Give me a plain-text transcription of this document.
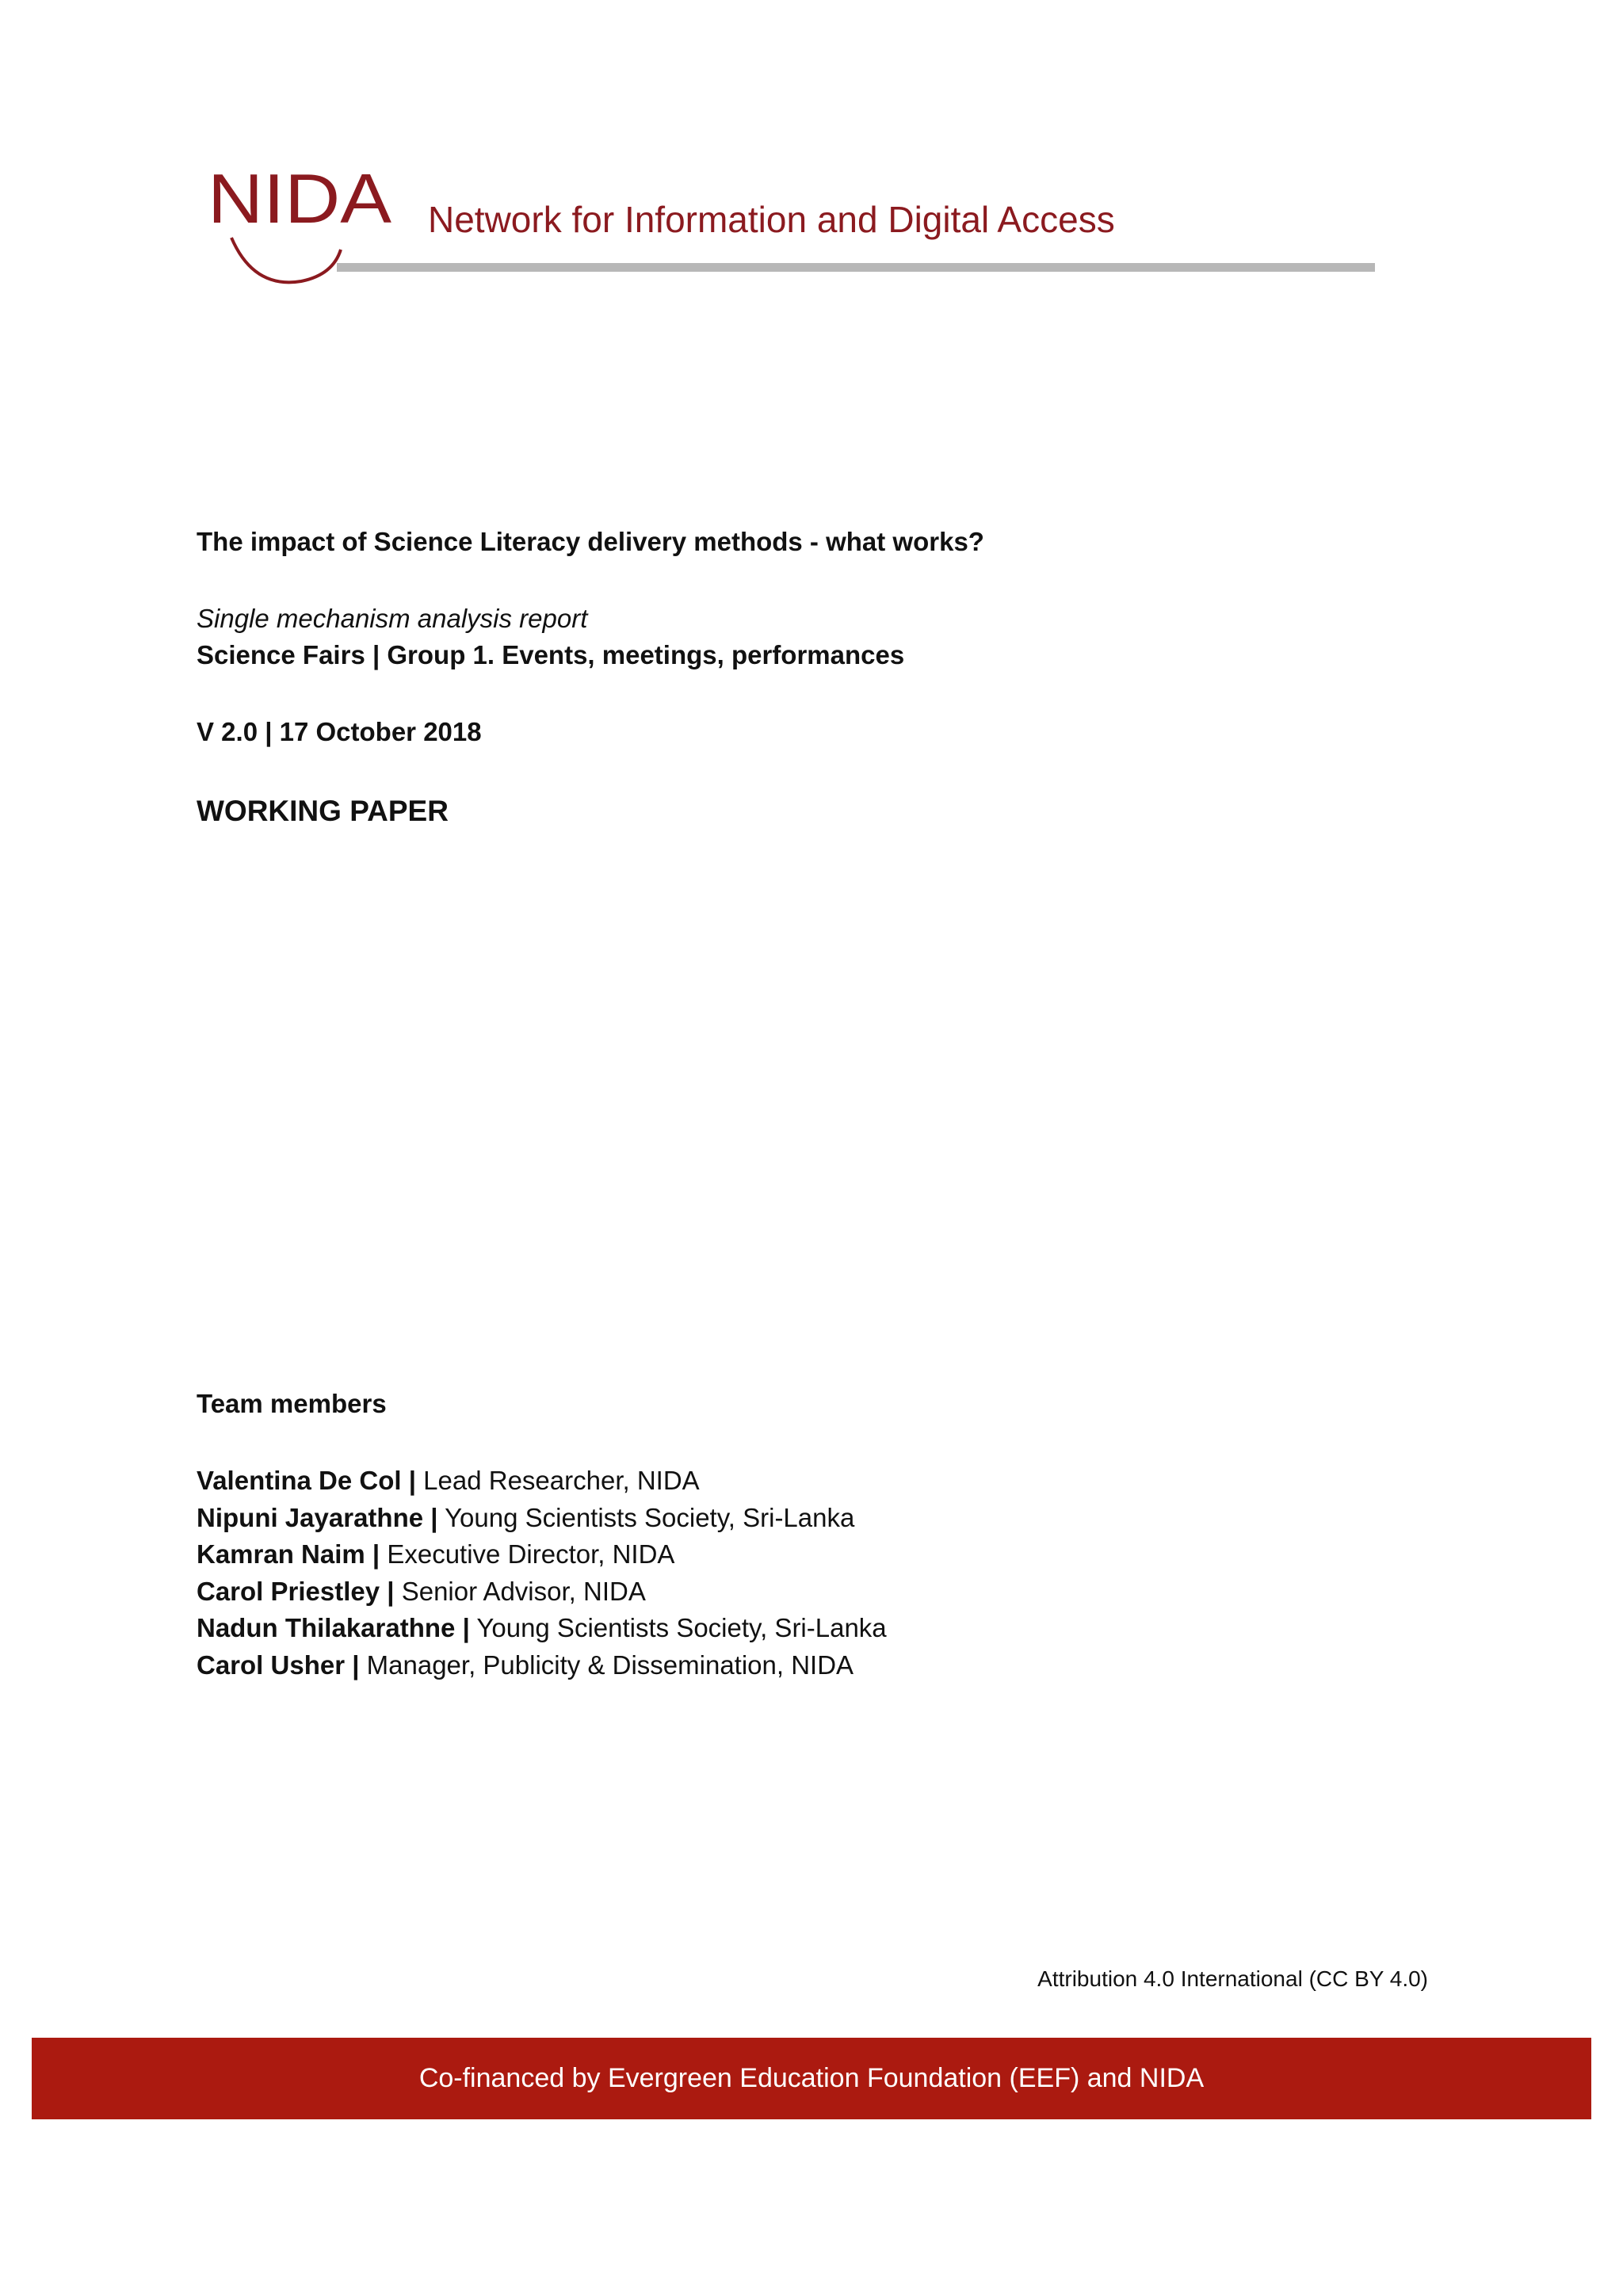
NIDA Network for Information and Digital Access
The impact of Science Literacy delivery methods - what works?
Single mechanism analysis report
Science Fairs | Group 1. Events, meetings, performances
V 2.0 | 17 October 2018
WORKING PAPER
Team members
Valentina De Col | Lead Researcher, NIDA
Nipuni Jayarathne | Young Scientists Society, Sri-Lanka
Kamran Naim | Executive Director, NIDA
Carol Priestley | Senior Advisor, NIDA
Nadun Thilakarathne | Young Scientists Society, Sri-Lanka
Carol Usher | Manager, Publicity & Dissemination, NIDA
Attribution 4.0 International (CC BY 4.0)
Co-financed by Evergreen Education Foundation (EEF) and NIDA
